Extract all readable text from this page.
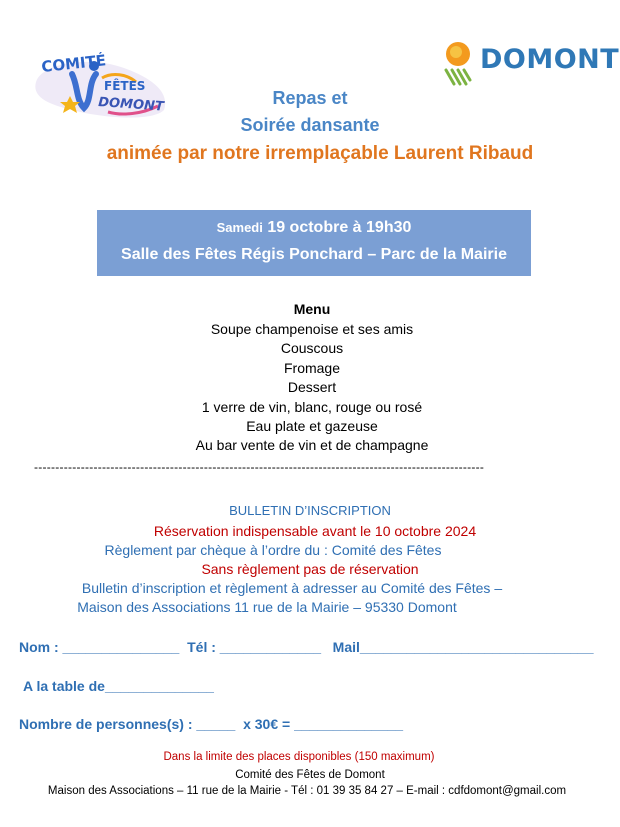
COMITÉ
FÊTES
DOMONT
DOMONT
Repas et
Soirée dansante
animée par notre irremplaçable Laurent Ribaud
Samedi 19 octobre à 19h30
Salle des Fêtes Régis Ponchard – Parc de la Mairie
Menu
Soupe champenoise et ses amis
Couscous
Fromage
Dessert
1 verre de vin, blanc, rouge ou rosé
Eau plate et gazeuse
Au bar vente de vin et de champagne
----------------------------------------------------------------------------------------------------------
BULLETIN D’INSCRIPTION
Réservation indispensable avant le 10 octobre 2024
Règlement par chèque à l’ordre du : Comité des Fêtes
Sans règlement pas de réservation
Bulletin d’inscription et règlement à adresser au Comité des Fêtes –
Maison des Associations 11 rue de la Mairie – 95330 Domont
Nom : _______________  Tél : _____________   Mail______________________________
A la table de______________
Nombre de personnes(s) : _____  x 30€ = ______________
Dans la limite des places disponibles (150 maximum)
Comité des Fêtes de Domont
Maison des Associations – 11 rue de la Mairie - Tél : 01 39 35 84 27 – E-mail : cdfdomont@gmail.com
